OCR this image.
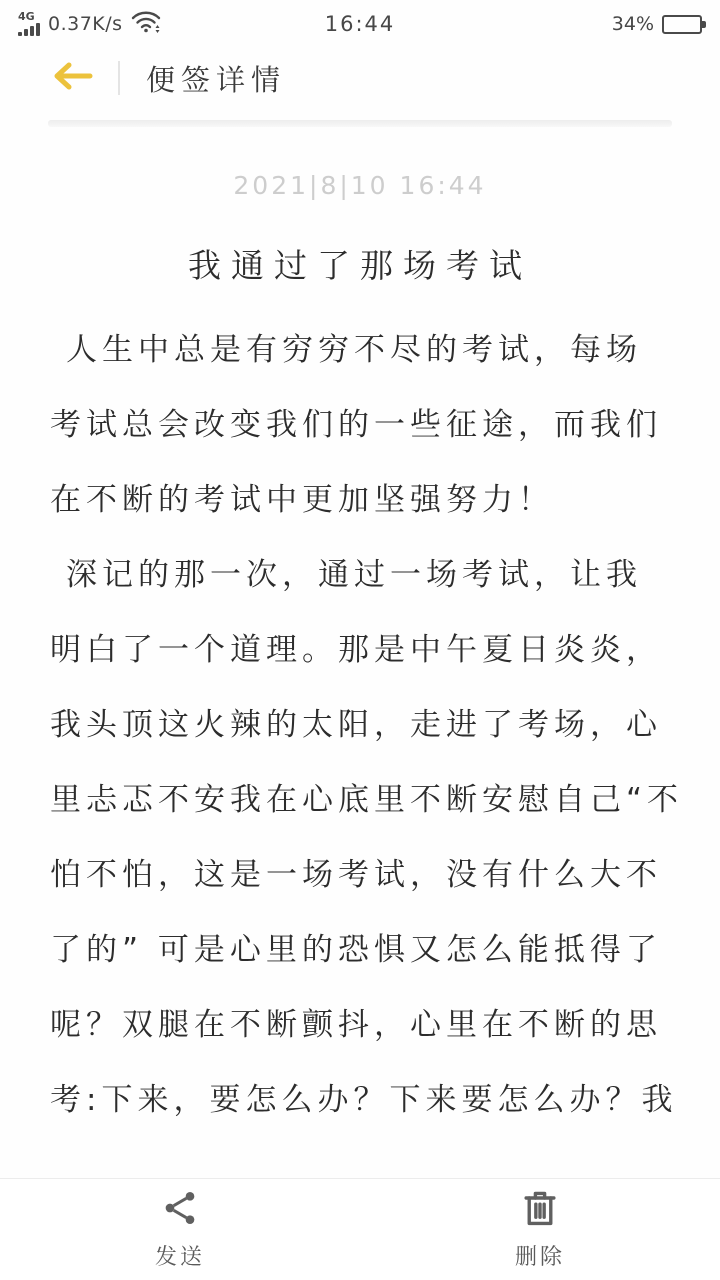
4G 0.37K/s	16:44	34%
便签详情
2021|8|10 16:44
我通过了那场考试
人生中总是有穷穷不尽的考试，每场
考试总会改变我们的一些征途，而我们
在不断的考试中更加坚强努力！
深记的那一次，通过一场考试，让我
明白了一个道理。那是中午夏日炎炎，
我头顶这火辣的太阳，走进了考场，心
里忐忑不安我在心底里不断安慰自己“不
怕不怕，这是一场考试，没有什么大不
了的” 可是心里的恐惧又怎么能抵得了
呢？双腿在不断颤抖，心里在不断的思
考:下来，要怎么办？下来要怎么办？我
发送	删除
